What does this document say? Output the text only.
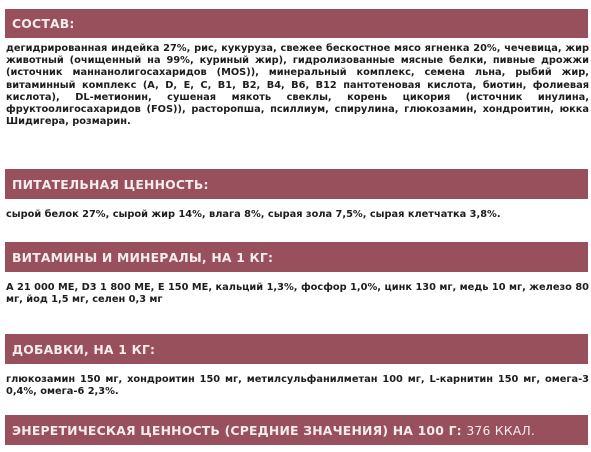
СОСТАВ:

дегидрированная индейка 27%, рис, кукуруза, свежее бескостное мясо ягненка 20%, чечевица, жир животный (очищенный на 99%, куриный жир), гидролизованные мясные белки, пивные дрожжи (источник маннанолигосахаридов (MOS)), минеральный комплекс, семена льна, рыбий жир, витаминный комплекс (A, D, E, C, B1, B2, B4, B6, B12 пантотеновая кислота, биотин, фолиевая кислота), DL-метионин, сушеная мякоть свеклы, корень цикория (источник инулина, фруктоолигосахаридов (FOS)), расторопша, псиллиум, спирулина, глюкозамин, хондроитин, юкка Шидигера, розмарин.

ПИТАТЕЛЬНАЯ ЦЕННОСТЬ:

сырой белок 27%, сырой жир 14%, влага 8%, сырая зола 7,5%, сырая клетчатка 3,8%.

ВИТАМИНЫ И МИНЕРАЛЫ, НА 1 КГ:

A 21 000 ME, D3 1 800 ME, E 150 ME, кальций 1,3%, фосфор 1,0%, цинк 130 мг, медь 10 мг, железо 80 мг, йод 1,5 мг, селен 0,3 мг

ДОБАВКИ, НА 1 КГ:

глюкозамин 150 мг, хондроитин 150 мг, метилсульфанилметан 100 мг, L-карнитин 150 мг, омега-3 0,4%, омега-6 2,3%.

ЭНЕРЕТИЧЕСКАЯ ЦЕННОСТЬ (СРЕДНИЕ ЗНАЧЕНИЯ) НА 100 Г:
376 ККАЛ.
